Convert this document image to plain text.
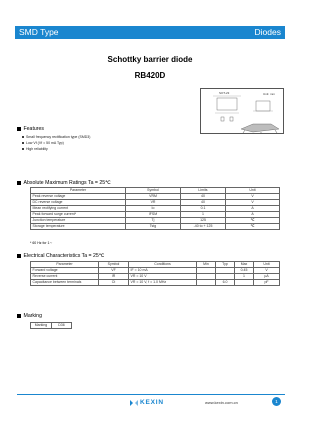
SMD Type	Diodes
Schottky barrier diode
RB420D
SOT-23	Unit: mm
Features
Small frequency rectification type (SMD3)
Low Vf (Vf = 50 mA Typ)
High reliability
Absolute Maximum Ratings Ta = 25℃
Parameter	Symbol	Limits	Unit
Peak reverse voltage	VRM	40	V
DC reverse voltage	VR	40	V
Mean rectifying current	Io	0.1	A
Peak forward surge current*	IFSM	1	A
Junction temperature	Tj	125	℃
Storage temperature	Tstg	-40 to + 125	℃
* 60 Hz for 1∼
Electrical Characteristics Ta = 25℃
Parameter	Symbol	Conditions	Min	Typ	Max	Unit
Forward voltage	VF	IF = 10 mA			0.45	V
Reverse current	IR	VR = 10 V			1	µA
Capacitance between terminals	Ct	VR = 10 V, f = 1.0 MHz		6.0		pF
Marking
Marking	D36
KEXIN	www.kexin.com.cn	1
